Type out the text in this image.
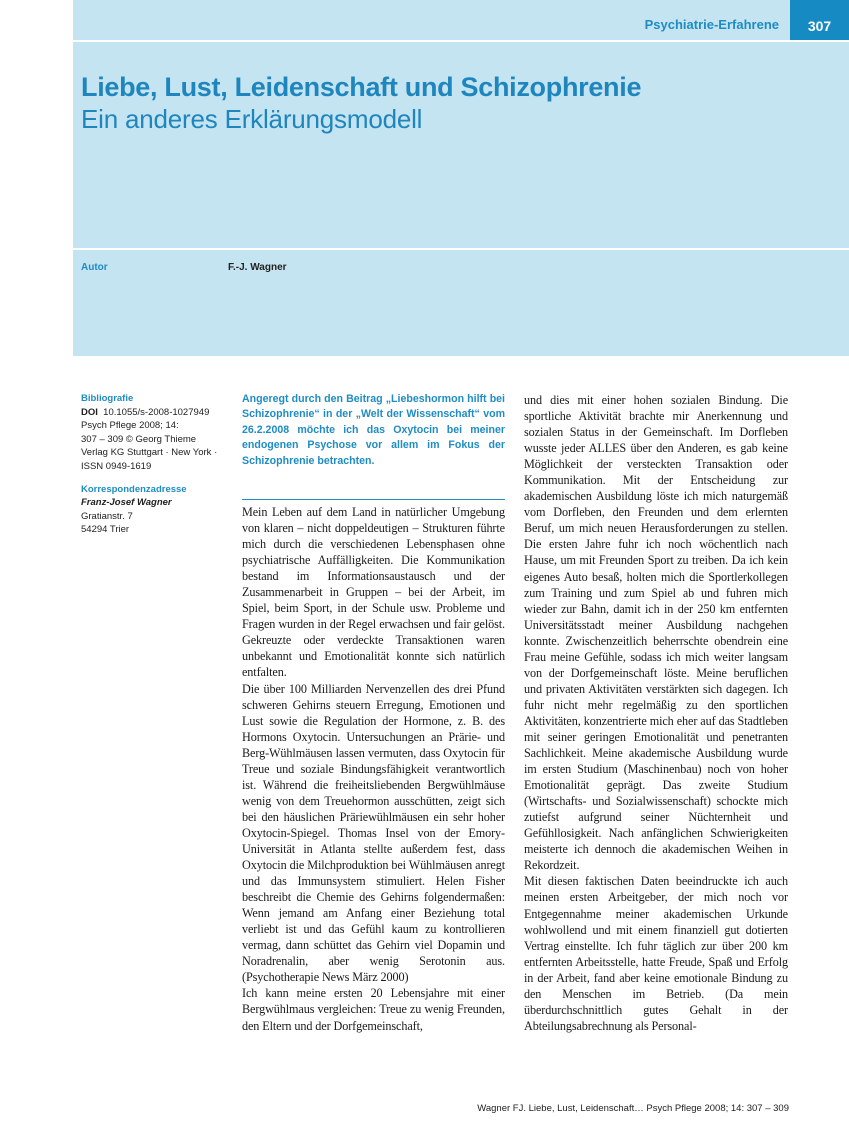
Psychiatrie-Erfahrene	307
Liebe, Lust, Leidenschaft und Schizophrenie
Ein anderes Erklärungsmodell
Autor	F.-J. Wagner
Bibliografie
DOI 10.1055/s-2008-1027949
Psych Pflege 2008; 14:
307 – 309 © Georg Thieme
Verlag KG Stuttgart · New York ·
ISSN 0949-1619
Korrespondenzadresse
Franz-Josef Wagner
Gratianstr. 7
54294 Trier

Angeregt durch den Beitrag „Liebeshormon hilft bei Schizophrenie“ in der „Welt der Wissenschaft“ vom 26.2.2008 möchte ich das Oxytocin bei meiner endogenen Psychose vor allem im Fokus der Schizophrenie betrachten.

Mein Leben auf dem Land in natürlicher Umgebung von klaren – nicht doppeldeutigen – Strukturen führte mich durch die verschiedenen Lebensphasen ohne psychiatrische Auffälligkeiten. Die Kommunikation bestand im Informationsaustausch und der Zusammenarbeit in Gruppen – bei der Arbeit, im Spiel, beim Sport, in der Schule usw. Probleme und Fragen wurden in der Regel erwachsen und fair gelöst. Gekreuzte oder verdeckte Transaktionen waren unbekannt und Emotionalität konnte sich natürlich entfalten.

Die über 100 Milliarden Nervenzellen des drei Pfund schweren Gehirns steuern Erregung, Emotionen und Lust sowie die Regulation der Hormone, z. B. des Hormons Oxytocin. Untersuchungen an Prärie- und Berg-Wühlmäusen lassen vermuten, dass Oxytocin für Treue und soziale Bindungsfähigkeit verantwortlich ist. Während die freiheitsliebenden Bergwühlmäuse wenig von dem Treuehormon ausschütten, zeigt sich bei den häuslichen Präriewühlmäusen ein sehr hoher Oxytocin-Spiegel. Thomas Insel von der Emory-Universität in Atlanta stellte außerdem fest, dass Oxytocin die Milchproduktion bei Wühlmäusen anregt und das Immunsystem stimuliert. Helen Fisher beschreibt die Chemie des Gehirns folgendermaßen: Wenn jemand am Anfang einer Beziehung total verliebt ist und das Gefühl kaum zu kontrollieren vermag, dann schüttet das Gehirn viel Dopamin und Noradrenalin, aber wenig Serotonin aus. (Psychotherapie News März 2000)

Ich kann meine ersten 20 Lebensjahre mit einer Bergwühlmaus vergleichen: Treue zu wenig Freunden, den Eltern und der Dorfgemeinschaft,

und dies mit einer hohen sozialen Bindung. Die sportliche Aktivität brachte mir Anerkennung und sozialen Status in der Gemeinschaft. Im Dorfleben wusste jeder ALLES über den Anderen, es gab keine Möglichkeit der versteckten Transaktion oder Kommunikation. Mit der Entscheidung zur akademischen Ausbildung löste ich mich naturgemäß vom Dorfleben, den Freunden und dem erlernten Beruf, um mich neuen Herausforderungen zu stellen. Die ersten Jahre fuhr ich noch wöchentlich nach Hause, um mit Freunden Sport zu treiben. Da ich kein eigenes Auto besaß, holten mich die Sportlerkollegen zum Training und zum Spiel ab und fuhren mich wieder zur Bahn, damit ich in der 250 km entfernten Universitätsstadt meiner Ausbildung nachgehen konnte. Zwischenzeitlich beherrschte obendrein eine Frau meine Gefühle, sodass ich mich weiter langsam von der Dorfgemeinschaft löste. Meine beruflichen und privaten Aktivitäten verstärkten sich dagegen. Ich fuhr nicht mehr regelmäßig zu den sportlichen Aktivitäten, konzentrierte mich eher auf das Stadtleben mit seiner geringen Emotionalität und penetranten Sachlichkeit. Meine akademische Ausbildung wurde im ersten Studium (Maschinenbau) noch von hoher Emotionalität geprägt. Das zweite Studium (Wirtschafts- und Sozialwissenschaft) schockte mich zutiefst aufgrund seiner Nüchternheit und Gefühllosigkeit. Nach anfänglichen Schwierigkeiten meisterte ich dennoch die akademischen Weihen in Rekordzeit.

Mit diesen faktischen Daten beeindruckte ich auch meinen ersten Arbeitgeber, der mich noch vor Entgegennahme meiner akademischen Urkunde wohlwollend und mit einem finanziell gut dotierten Vertrag einstellte. Ich fuhr täglich zur über 200 km entfernten Arbeitsstelle, hatte Freude, Spaß und Erfolg in der Arbeit, fand aber keine emotionale Bindung zu den Menschen im Betrieb. (Da mein überdurchschnittlich gutes Gehalt in der Abteilungsabrechnung als Personal-

Wagner FJ. Liebe, Lust, Leidenschaft… Psych Pflege 2008; 14: 307 – 309
